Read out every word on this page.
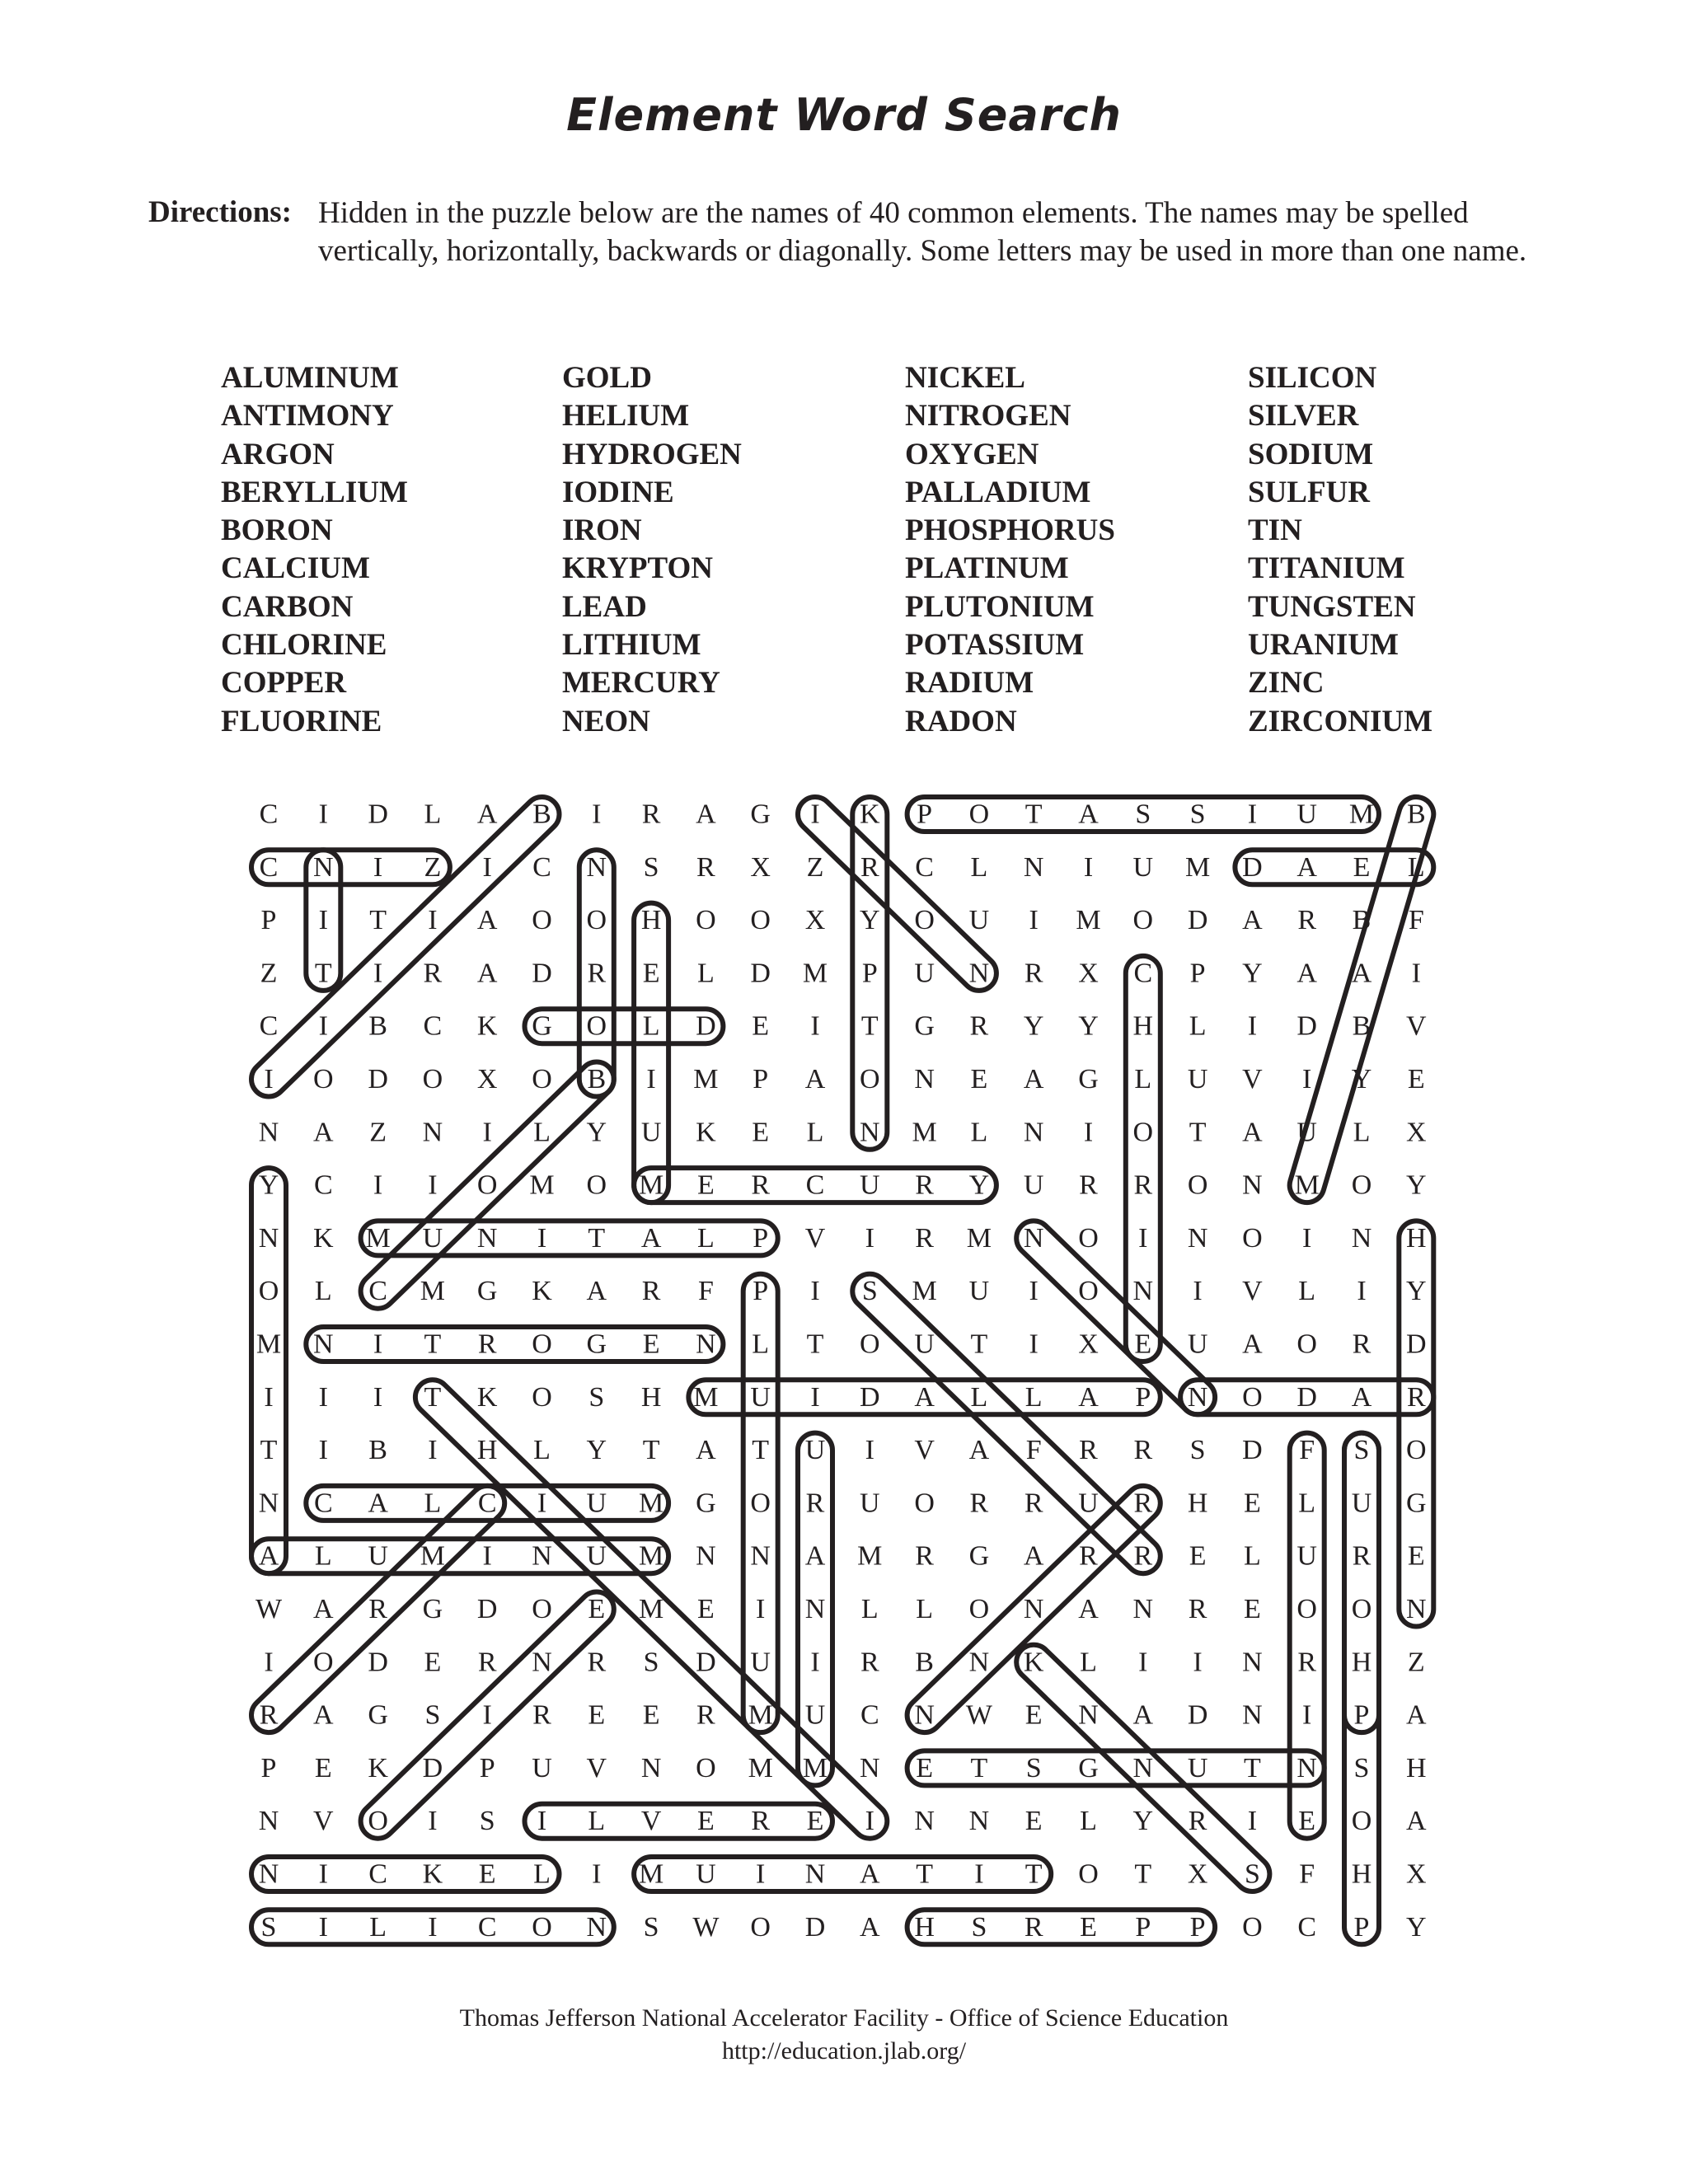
Element Word Search
Directions: Hidden in the puzzle below are the names of 40 common elements. The names may be spelled vertically, horizontally, backwards or diagonally. Some letters may be used in more than one name.
ALUMINUM
ANTIMONY
ARGON
BERYLLIUM
BORON
CALCIUM
CARBON
CHLORINE
COPPER
FLUORINE
GOLD
HELIUM
HYDROGEN
IODINE
IRON
KRYPTON
LEAD
LITHIUM
MERCURY
NEON
NICKEL
NITROGEN
OXYGEN
PALLADIUM
PHOSPHORUS
PLATINUM
PLUTONIUM
POTASSIUM
RADIUM
RADON
SILICON
SILVER
SODIUM
SULFUR
TIN
TITANIUM
TUNGSTEN
URANIUM
ZINC
ZIRCONIUM
C I D L A B I R A G I K P O T A S S I U M B
C N I Z I C N S R X Z R C L N I U M D A E L
P I T I A O O H O O X Y O U I M O D A R B F
Z T I R A D R E L D M P U N R X C P Y A A I
C I B C K G O L D E I T G R Y Y H L I D B V
I O D O X O B I M P A O N E A G L U V I Y E
N A Z N I L Y U K E L N M L N I O T A U L X
Y C I I O M O M E R C U R Y U R R O N M O Y
N K M U N I T A L P V I R M N O I N O I N H
O L C M G K A R F P I S M U I O N I V L I Y
M N I T R O G E N L T O U T I X E U A O R D
I I I T K O S H M U I D A L L A P N O D A R
T I B I H L Y T A T U I V A F R R S D F S O
N C A L C I U M G O R U O R R U R H E L U G
A L U M I N U M N N A M R G A R R E L U R E
W A R G D O E M E I N L L O N A N R E O O N
I O D E R N R S D U I R B N K L I I N R H Z
R A G S I R E E R M U C N W E N A D N I P A
P E K D P U V N O M M N E T S G N U T N S H
N V O I S I L V E R E I N N E L Y R I E O A
N I C K E L I M U I N A T I T O T X S F H X
S I L I C O N S W O D A H S R E P P O C P Y
Thomas Jefferson National Accelerator Facility - Office of Science Education
http://education.jlab.org/
